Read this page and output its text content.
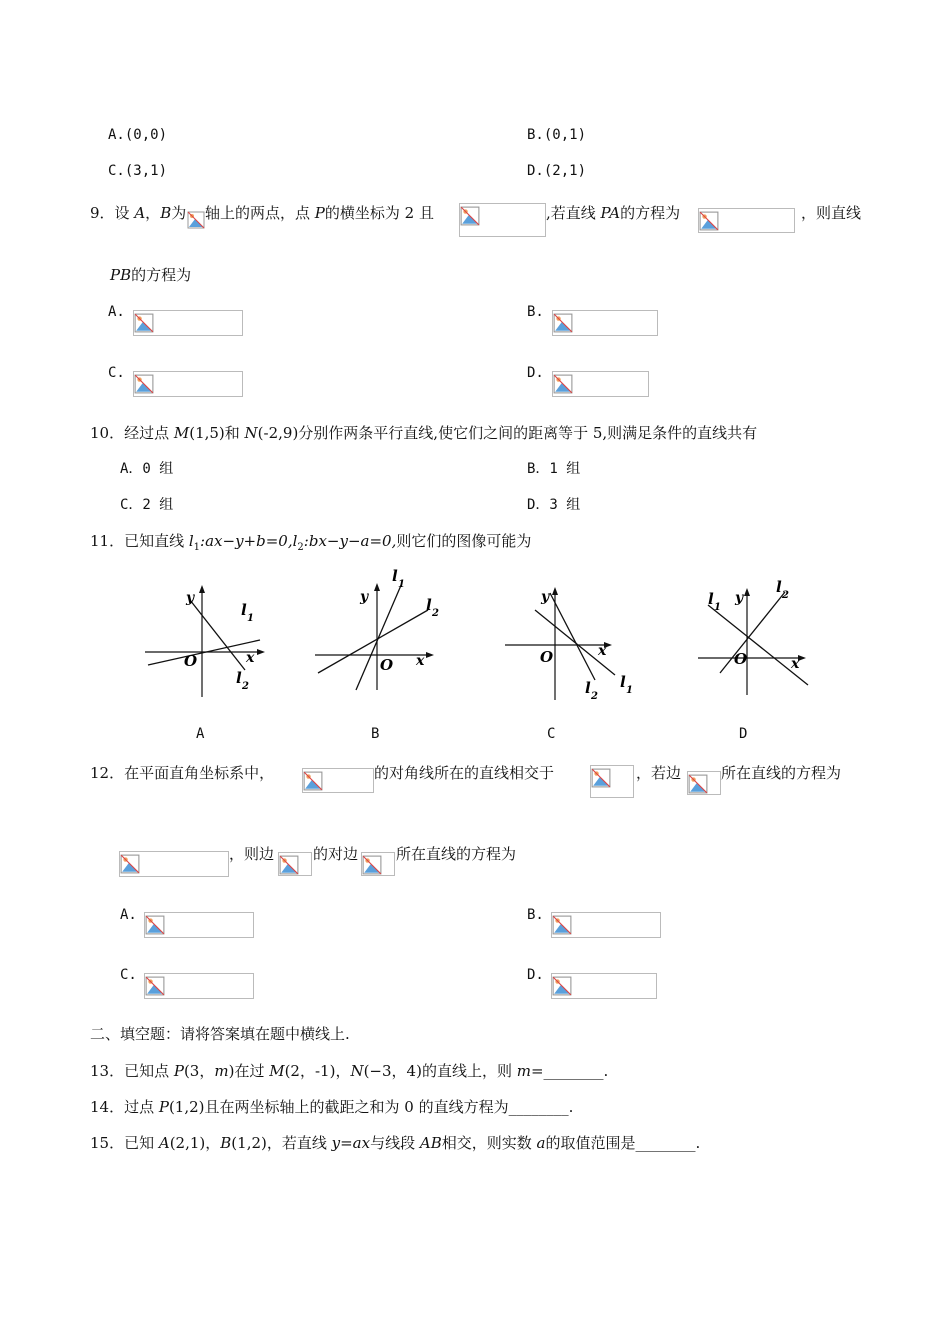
A.(0,0)	B.(0,1)
C.(3,1)	D.(2,1)
9．设 A，B为 轴上的两点，点 P的横坐标为 2 且	,若直线 PA的方程为	，则直线
PB的方程为
A.	B.
C.	D.
10．经过点 M(1,5)和 N(-2,9)分别作两条平行直线,使它们之间的距离等于 5,则满足条件的直线共有
A．0 组	B．1 组
C．2 组	D．3 组
11．已知直线 $l_1:ax-y+b=0,l_2:bx-y-a=0$,则它们的图像可能为
y
x
O
l 1
l 2
y
x
O
l 1
l 2
y
x
O
l 2
l 1
y
x
O
l 1
l 2
A	B	C	D
12．在平面直角坐标系中，	的对角线所在的直线相交于	，若边	所在直线的方程为
，则边	的对边	所在直线的方程为
A.	B.
C.	D.
二、填空题：请将答案填在题中横线上.
13．已知点 P(3，m)在过 M(2，-1)，N(−3，4)的直线上，则 m=________.
14．过点 P(1,2)且在两坐标轴上的截距之和为 0 的直线方程为________.
15．已知 A(2,1)，B(1,2)，若直线 y=ax与线段 AB相交，则实数 a的取值范围是________.
